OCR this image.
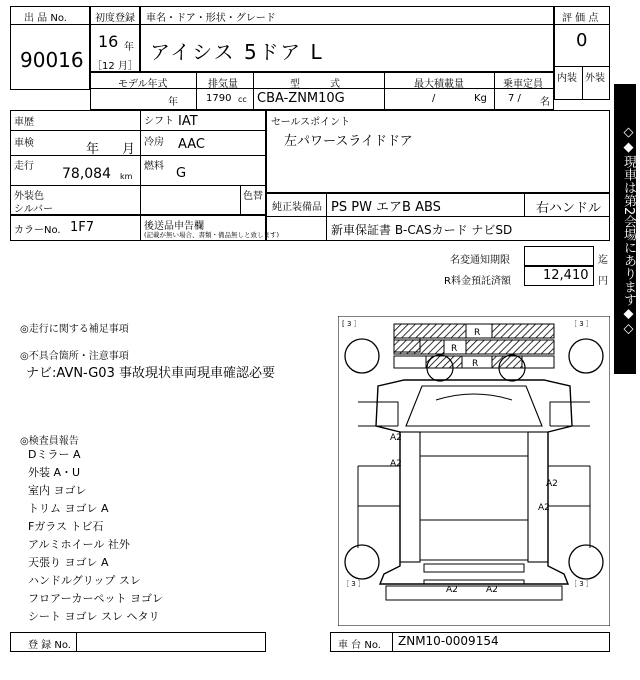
出 品 No.
90016
初度登録
16 年
［12 月］
車名・ドア・形状・グレード
アイシス 5ドア L
評 価 点
0
内装 外装
モデル年式
年
排気量
1790 cc
型　　　式
CBA-ZNM10G
最大積載量
/	Kg
乗車定員
7 / 名
車歴	シフト IAT
車検	年 月 冷房 AAC
走行 78,084 km
燃料 G
外装色
シルバー
色替
カラーNo. 1F7	後送品申告欄
(記載が無い場合、書類・備品無しと致します)
セールスポイント
左パワースライドドア
純正装備品 PS PW エアB ABS	右ハンドル
新車保証書 B-CASカード ナビSD
名変通知期限	迄
R料金預託済額 12,410 円
◎走行に関する補足事項
◎不具合箇所・注意事項
ナビ:AVN-G03 事故現状車両現車確認必要
◎検査員報告
Dミラー A
外装 A・U
室内 ヨゴレ
トリム ヨゴレ A
Fガラス トビ石
アルミホイール 社外
天張り ヨゴレ A
ハンドルグリップ スレ
フロアーカーペット ヨゴレ
シート ヨゴレ スレ ヘタリ
◇◆現車は第2会場にあります◆◇
[ 3 ］	［ 3 ］
［ 3 ］	［ 3 ］
R
R
R
A2
A2
A2
A2
A2	A2
登 録 No.	車 台 No. ZNM10-0009154
